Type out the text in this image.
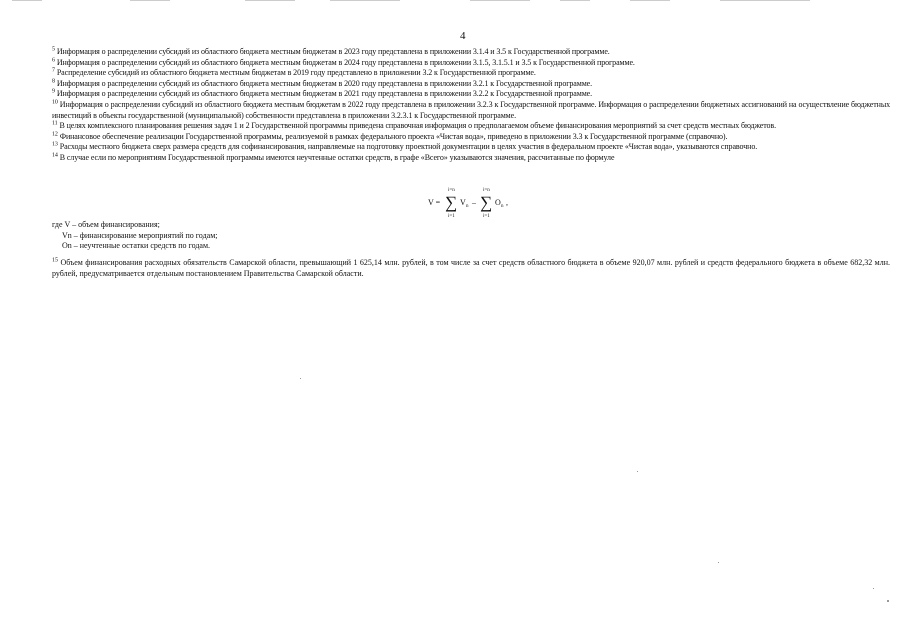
4

$^5$ Информация о распределении субсидий из областного бюджета местным бюджетам в 2023 году представлена в приложении 3.1.4 и 3.5 к Государственной программе.

$^6$ Информация о распределении субсидий из областного бюджета местным бюджетам в 2024 году представлена в приложении 3.1.5, 3.1.5.1 и 3.5 к Государственной программе.

$^7$ Распределение субсидий из областного бюджета местным бюджетам в 2019 году представлено в приложении 3.2 к Государственной программе.

$^8$ Информация о распределении субсидий из областного бюджета местным бюджетам в 2020 году представлена в приложении 3.2.1 к Государственной программе.

$^9$ Информация о распределении субсидий из областного бюджета местным бюджетам в 2021 году представлена в приложении 3.2.2 к Государственной программе.

$^{10}$ Информация о распределении субсидий из областного бюджета местным бюджетам в 2022 году представлена в приложении 3.2.3 к Государственной программе. Информация о распределении бюджетных ассигнований на осуществление бюджетных инвестиций в объекты государственной (муниципальной) собственности представлена в приложении 3.2.3.1 к Государственной программе.

$^{11}$ В целях комплексного планирования решения задач 1 и 2 Государственной программы приведена справочная информация о предполагаемом объеме финансирования мероприятий за счет средств местных бюджетов.

$^{12}$ Финансовое обеспечение реализации Государственной программы, реализуемой в рамках федерального проекта «Чистая вода», приведено в приложении 3.3 к Государственной программе (справочно).

$^{13}$ Расходы местного бюджета сверх размера средств для софинансирования, направляемые на подготовку проектной документации в целях участия в федеральном проекте «Чистая вода», указываются справочно.

$^{14}$ В случае если по мероприятиям Государственной программы имеются неучтенные остатки средств, в графе «Всего» указываются значения, рассчитанные по формуле

V =
i=n
∑
i=1
V n –
i=n
∑
i=1
O n ,
где V – объем финансирования;
Vn – финансирование мероприятий по годам;
On – неучтенные остатки средств по годам.
$^{15}$ Объем финансирования расходных обязательств Самарской области, превышающий 1 625,14 млн. рублей, в том числе за счет средств областного бюджета в объеме 920,07 млн. рублей и средств федерального бюджета в объеме 682,32 млн. рублей, предусматривается отдельным постановлением Правительства Самарской области.
